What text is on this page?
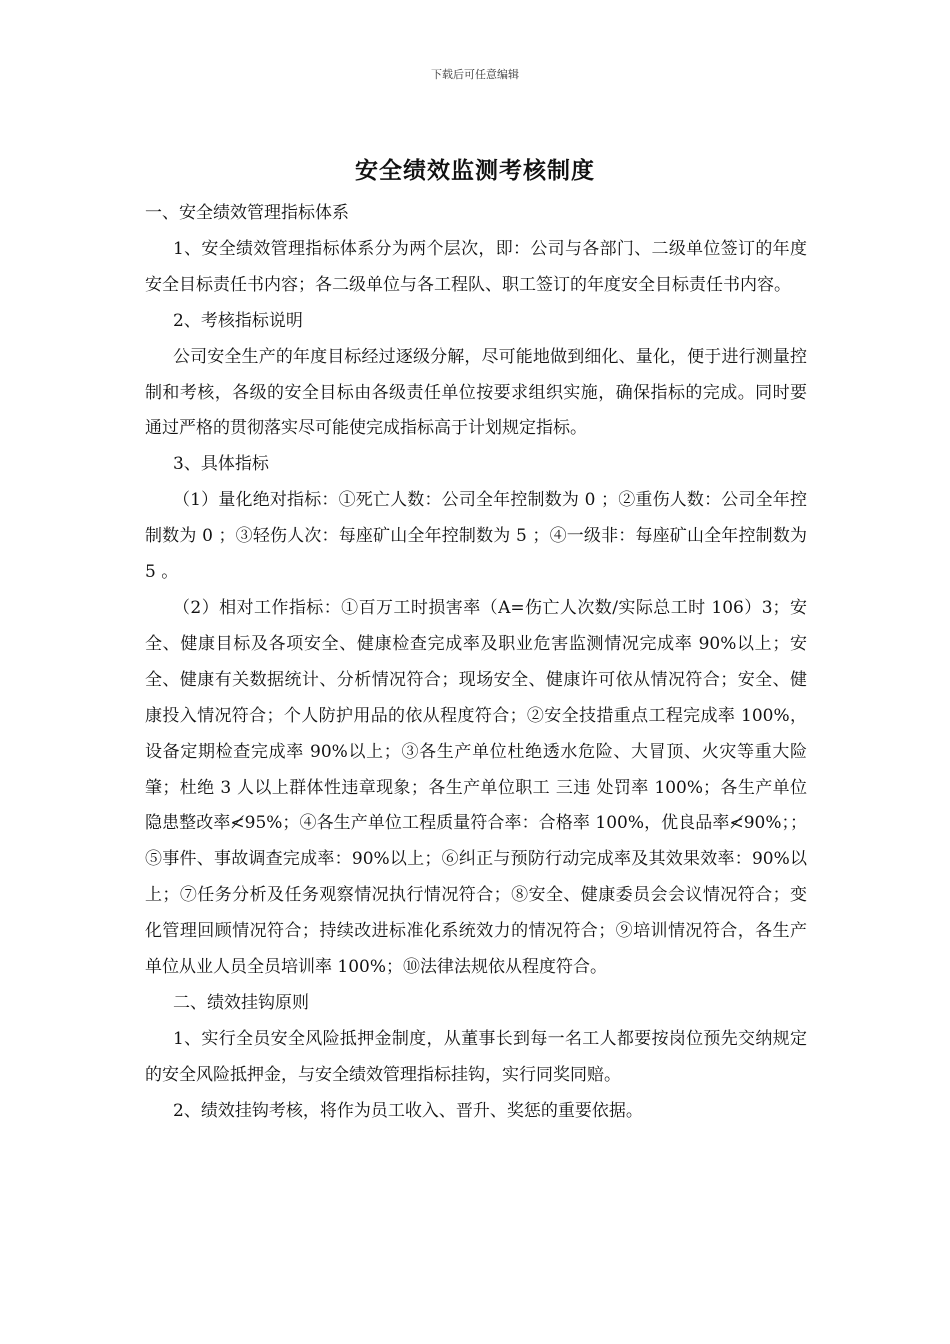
下载后可任意编辑
安全绩效监测考核制度

一、安全绩效管理指标体系

1、安全绩效管理指标体系分为两个层次，即：公司与各部门、二级单位签订的年度安全目标责任书内容；各二级单位与各工程队、职工签订的年度安全目标责任书内容。

2、考核指标说明

公司安全生产的年度目标经过逐级分解，尽可能地做到细化、量化，便于进行测量控制和考核，各级的安全目标由各级责任单位按要求组织实施，确保指标的完成。同时要通过严格的贯彻落实尽可能使完成指标高于计划规定指标。

3、具体指标

（1）量化绝对指标：①死亡人数：公司全年控制数为 0 ；②重伤人数：公司全年控制数为 0 ；③轻伤人次：每座矿山全年控制数为 5 ；④一级非：每座矿山全年控制数为 5 。

（2）相对工作指标：①百万工时损害率（A=伤亡人次数/实际总工时 106）3；安全、健康目标及各项安全、健康检查完成率及职业危害监测情况完成率 90%以上；安全、健康有关数据统计、分析情况符合；现场安全、健康许可依从情况符合；安全、健康投入情况符合；个人防护用品的依从程度符合；②安全技措重点工程完成率 100%，设备定期检查完成率 90%以上；③各生产单位杜绝透水危险、大冒顶、火灾等重大险肇；杜绝 3 人以上群体性违章现象；各生产单位职工 三违 处罚率 100%；各生产单位隐患整改率≮95%；④各生产单位工程质量符合率：合格率 100%，优良品率≮90%；；⑤事件、事故调查完成率：90%以上；⑥纠正与预防行动完成率及其效果效率：90%以上；⑦任务分析及任务观察情况执行情况符合；⑧安全、健康委员会会议情况符合；变化管理回顾情况符合；持续改进标准化系统效力的情况符合；⑨培训情况符合，各生产单位从业人员全员培训率 100%；⑩法律法规依从程度符合。

二、绩效挂钩原则

1、实行全员安全风险抵押金制度，从董事长到每一名工人都要按岗位预先交纳规定的安全风险抵押金，与安全绩效管理指标挂钩，实行同奖同赔。

2、绩效挂钩考核，将作为员工收入、晋升、奖惩的重要依据。
